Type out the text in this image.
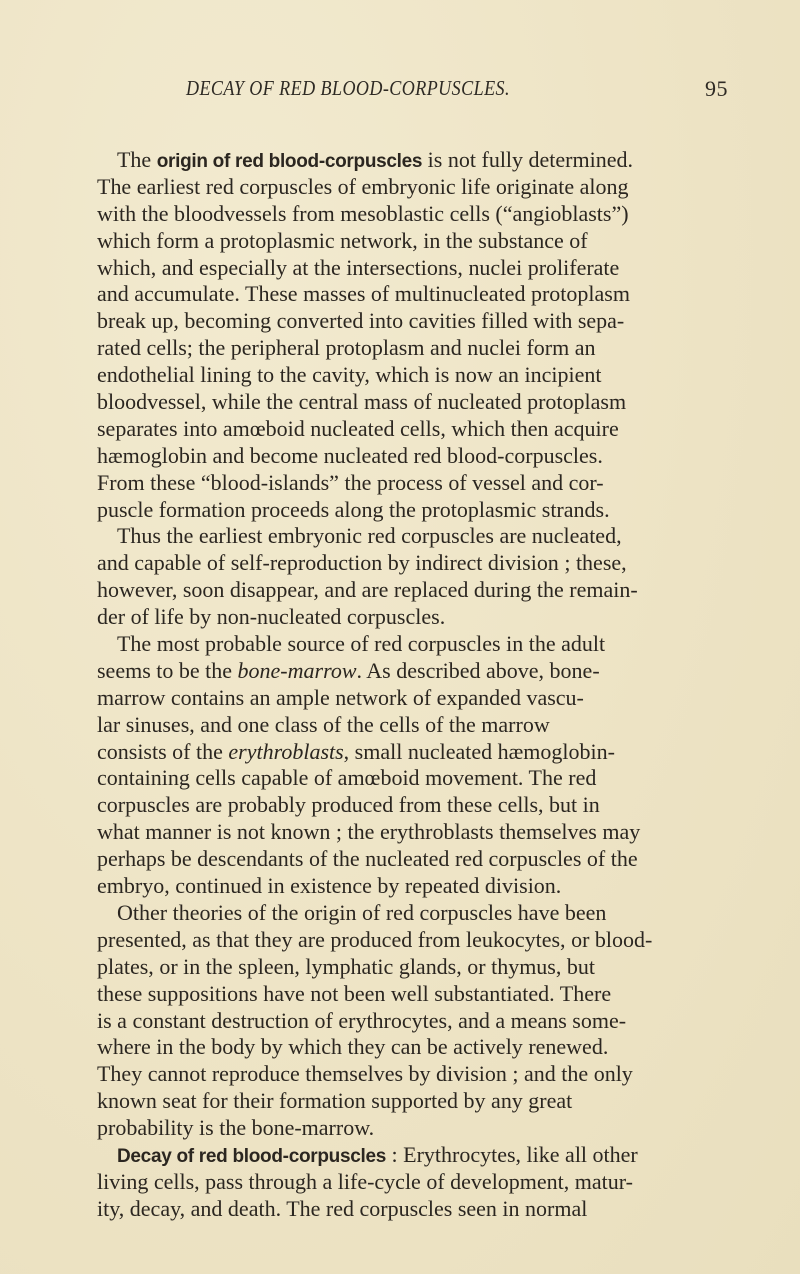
DECAY OF RED BLOOD-CORPUSCLES.	95
The origin of red blood-corpuscles is not fully determined.
The earliest red corpuscles of embryonic life originate along
with the bloodvessels from mesoblastic cells (“angioblasts”)
which form a protoplasmic network, in the substance of
which, and especially at the intersections, nuclei proliferate
and accumulate. These masses of multinucleated protoplasm
break up, becoming converted into cavities filled with sepa-
rated cells; the peripheral protoplasm and nuclei form an
endothelial lining to the cavity, which is now an incipient
bloodvessel, while the central mass of nucleated protoplasm
separates into amœboid nucleated cells, which then acquire
hæmoglobin and become nucleated red blood-corpuscles.
From these “blood-islands” the process of vessel and cor-
puscle formation proceeds along the protoplasmic strands.
Thus the earliest embryonic red corpuscles are nucleated,
and capable of self-reproduction by indirect division ; these,
however, soon disappear, and are replaced during the remain-
der of life by non-nucleated corpuscles.
The most probable source of red corpuscles in the adult
seems to be the bone-marrow. As described above, bone-
marrow contains an ample network of expanded vascu-
lar sinuses, and one class of the cells of the marrow
consists of the erythroblasts, small nucleated hæmoglobin-
containing cells capable of amœboid movement. The red
corpuscles are probably produced from these cells, but in
what manner is not known ; the erythroblasts themselves may
perhaps be descendants of the nucleated red corpuscles of the
embryo, continued in existence by repeated division.
Other theories of the origin of red corpuscles have been
presented, as that they are produced from leukocytes, or blood-
plates, or in the spleen, lymphatic glands, or thymus, but
these suppositions have not been well substantiated. There
is a constant destruction of erythrocytes, and a means some-
where in the body by which they can be actively renewed.
They cannot reproduce themselves by division ; and the only
known seat for their formation supported by any great
probability is the bone-marrow.
Decay of red blood-corpuscles : Erythrocytes, like all other
living cells, pass through a life-cycle of development, matur-
ity, decay, and death. The red corpuscles seen in normal
